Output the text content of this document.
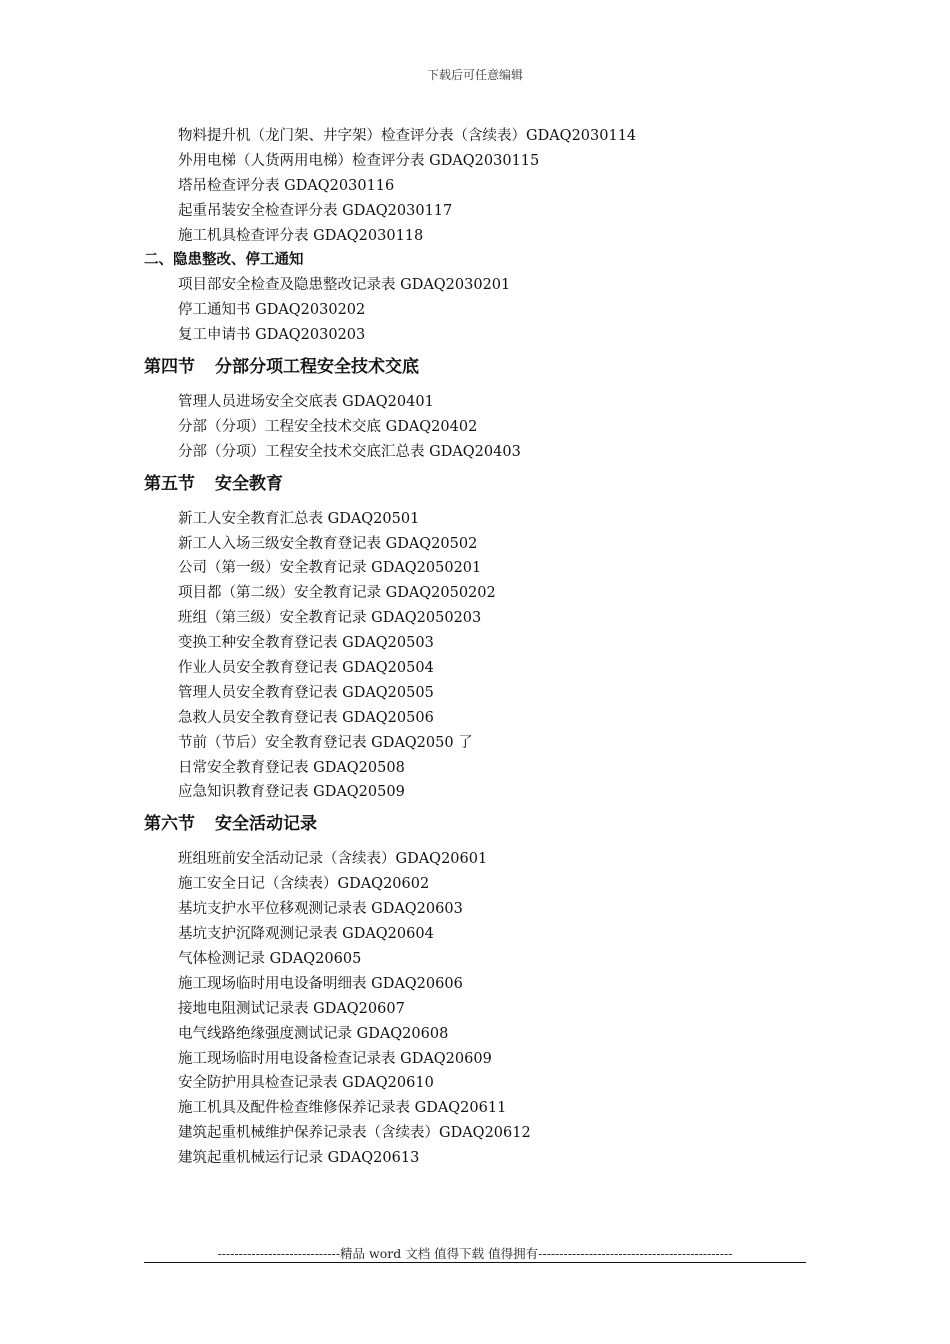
下载后可任意编辑
物料提升机（龙门架、井字架）检查评分表（含续表）GDAQ2030114
外用电梯（人货两用电梯）检查评分表 GDAQ2030115
塔吊检查评分表 GDAQ2030116
起重吊装安全检查评分表 GDAQ2030117
施工机具检查评分表 GDAQ2030118
二、隐患整改、停工通知
项目部安全检查及隐患整改记录表 GDAQ2030201
停工通知书 GDAQ2030202
复工申请书 GDAQ2030203
第四节 分部分项工程安全技术交底
管理人员进场安全交底表 GDAQ20401
分部（分项）工程安全技术交底 GDAQ20402
分部（分项）工程安全技术交底汇总表 GDAQ20403
第五节 安全教育
新工人安全教育汇总表 GDAQ20501
新工人入场三级安全教育登记表 GDAQ20502
公司（第一级）安全教育记录 GDAQ2050201
项目都（第二级）安全教育记录 GDAQ2050202
班组（第三级）安全教育记录 GDAQ2050203
变换工种安全教育登记表 GDAQ20503
作业人员安全教育登记表 GDAQ20504
管理人员安全教育登记表 GDAQ20505
急救人员安全教育登记表 GDAQ20506
节前（节后）安全教育登记表 GDAQ2050 了
日常安全教育登记表 GDAQ20508
应急知识教育登记表 GDAQ20509
第六节 安全活动记录
班组班前安全活动记录（含续表）GDAQ20601
施工安全日记（含续表）GDAQ20602
基坑支护水平位移观测记录表 GDAQ20603
基坑支护沉降观测记录表 GDAQ20604
气体检测记录 GDAQ20605
施工现场临时用电设备明细表 GDAQ20606
接地电阻测试记录表 GDAQ20607
电气线路绝缘强度测试记录 GDAQ20608
施工现场临时用电设备检查记录表 GDAQ20609
安全防护用具检查记录表 GDAQ20610
施工机具及配件检查维修保养记录表 GDAQ20611
建筑起重机械维护保养记录表（含续表）GDAQ20612
建筑起重机械运行记录 GDAQ20613
-----------------------------精品 word 文档 值得下载 值得拥有----------------------------------------------
